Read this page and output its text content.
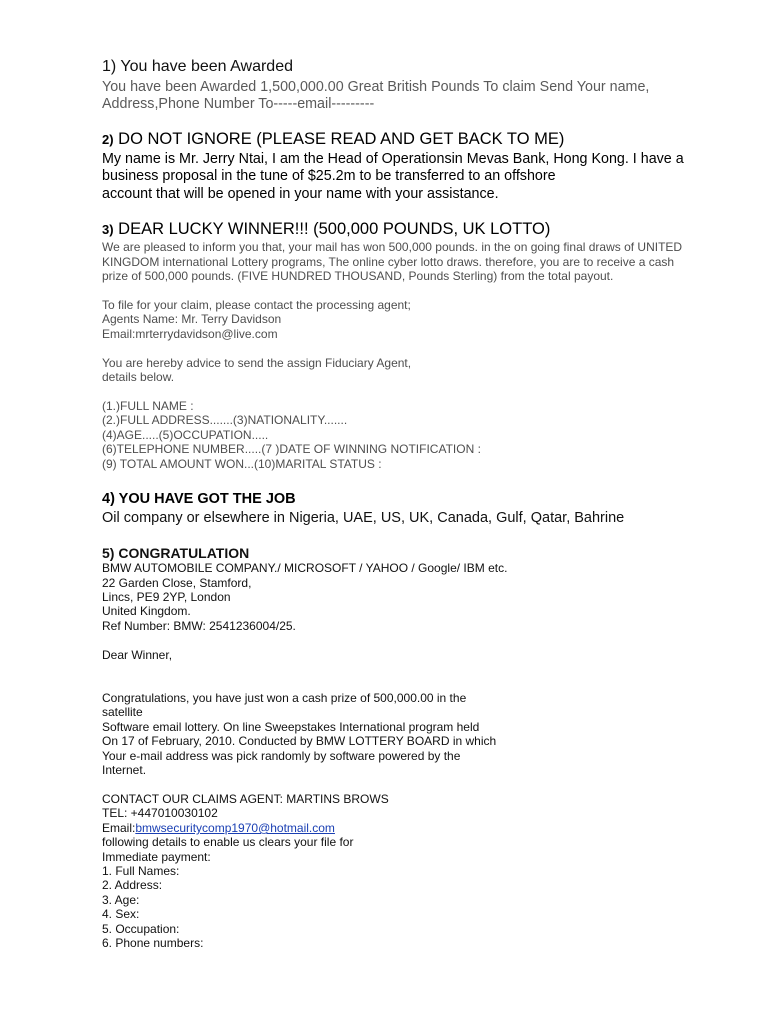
1) You have been Awarded
You have been Awarded 1,500,000.00 Great British Pounds To claim Send Your name,
Address,Phone Number To-----email---------
2) DO NOT IGNORE (PLEASE READ AND GET BACK TO ME)
My name is Mr. Jerry Ntai, I am the Head of Operationsin Mevas Bank, Hong Kong. I have a
business proposal in the tune of $25.2m to be transferred to an offshore
account that will be opened in your name with your assistance.
3) DEAR LUCKY WINNER!!! (500,000 POUNDS, UK LOTTO)
We are pleased to inform you that, your mail has won 500,000 pounds. in the on going final draws of UNITED
KINGDOM international Lottery programs, The online cyber lotto draws. therefore, you are to receive a cash
prize of 500,000 pounds. (FIVE HUNDRED THOUSAND, Pounds Sterling) from the total payout.
To file for your claim, please contact the processing agent;
Agents Name: Mr. Terry Davidson
Email:mrterrydavidson@live.com
You are hereby advice to send the assign Fiduciary Agent,
details below.
(1.)FULL NAME :
(2.)FULL ADDRESS.......(3)NATIONALITY.......
(4)AGE.....(5)OCCUPATION.....
(6)TELEPHONE NUMBER.....(7 )DATE OF WINNING NOTIFICATION :
(9) TOTAL AMOUNT WON...(10)MARITAL STATUS :
4) YOU HAVE GOT THE JOB
Oil company or elsewhere in Nigeria, UAE, US, UK, Canada, Gulf, Qatar, Bahrine
5) CONGRATULATION
BMW AUTOMOBILE COMPANY./ MICROSOFT / YAHOO / Google/ IBM etc.
22 Garden Close, Stamford,
Lincs, PE9 2YP, London
United Kingdom.
Ref Number: BMW: 2541236004/25.
Dear Winner,
Congratulations, you have just won a cash prize of 500,000.00 in the
satellite
Software email lottery. On line Sweepstakes International program held
On 17 of February, 2010. Conducted by BMW LOTTERY BOARD in which
Your e-mail address was pick randomly by software powered by the
Internet.
CONTACT OUR CLAIMS AGENT: MARTINS BROWS
TEL: +447010030102
Email:bmwsecuritycomp1970@hotmail.com
following details to enable us clears your file for
Immediate payment:
1. Full Names:
2. Address:
3. Age:
4. Sex:
5. Occupation:
6. Phone numbers:
